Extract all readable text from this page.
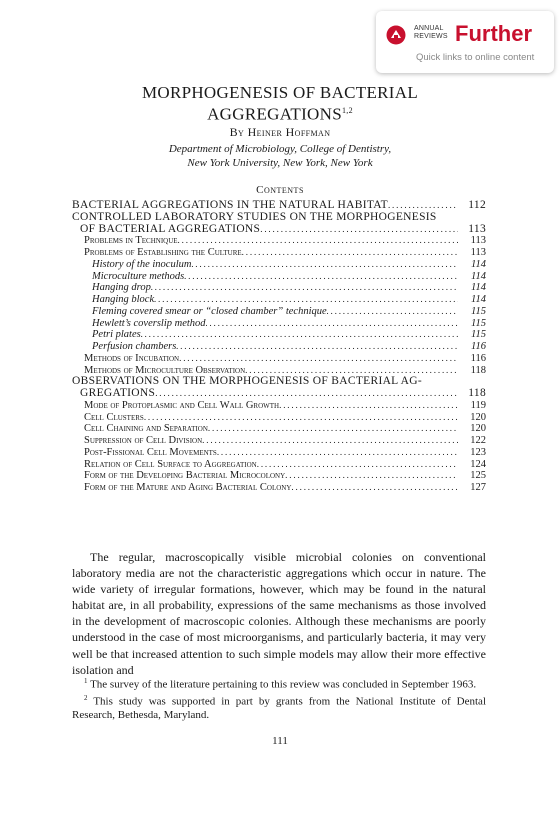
ANNUAL
REVIEWS Further
Quick links to online content
MORPHOGENESIS OF BACTERIAL
AGGREGATIONS$^{1,2}$
By Heiner Hoffman
Department of Microbiology, College of Dentistry,
New York University, New York, New York
Contents
BACTERIAL AGGREGATIONS IN THE NATURAL HABITAT . . .	112
CONTROLLED LABORATORY STUDIES ON THE MORPHOGENESIS
OF BACTERIAL AGGREGATIONS . . .	113
Problems in Technique . . .	113
Problems of Establishing the Culture . . .	113
History of the inoculum . . .	114
Microculture methods . . .	114
Hanging drop . . .	114
Hanging block . . .	114
Fleming covered smear or “closed chamber” technique . . .	115
Hewlett’s coverslip method . . .	115
Petri plates . . .	115
Perfusion chambers . . .	116
Methods of Incubation . . .	116
Methods of Microculture Observation . . .	118
OBSERVATIONS ON THE MORPHOGENESIS OF BACTERIAL AG-
GREGATIONS . . .	118
Mode of Protoplasmic and Cell Wall Growth . . .	119
Cell Clusters . . .	120
Cell Chaining and Separation . . .	120
Suppression of Cell Division . . .	122
Post-Fissional Cell Movements . . .	123
Relation of Cell Surface to Aggregation . . .	124
Form of the Developing Bacterial Microcolony . . .	125
Form of the Mature and Aging Bacterial Colony . . .	127

The regular, macroscopically visible microbial colonies on conventional laboratory media are not the characteristic aggregations which occur in nature. The wide variety of irregular formations, however, which may be found in the natural habitat are, in all probability, expressions of the same mechanisms as those involved in the development of macroscopic colonies. Although these mechanisms are poorly understood in the case of most microorganisms, and particularly bacteria, it may very well be that increased attention to such simple models may allow their more effective isolation and

$^1$ The survey of the literature pertaining to this review was concluded in September 1963.

$^2$ This study was supported in part by grants from the National Institute of Dental Research, Bethesda, Maryland.

111
